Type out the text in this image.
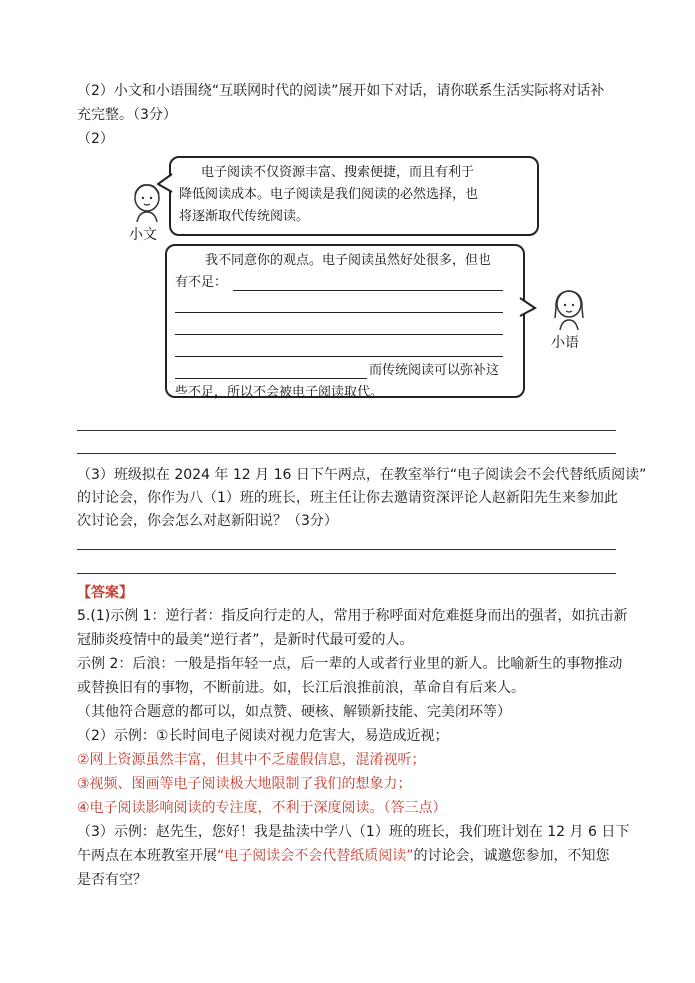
（2）小文和小语围绕“互联网时代的阅读”展开如下对话，请你联系生活实际将对话补
充完整。（3分）
（2）
小文
小语
电子阅读不仅资源丰富、搜索便捷，而且有利于
降低阅读成本。电子阅读是我们阅读的必然选择，也
将逐渐取代传统阅读。
我不同意你的观点。电子阅读虽然好处很多，但也
有不足：
而传统阅读可以弥补这
些不足，所以不会被电子阅读取代。
（3）班级拟在 2024 年 12 月 16 日下午两点，在教室举行“电子阅读会不会代替纸质阅读”
的讨论会，你作为八（1）班的班长，班主任让你去邀请资深评论人赵新阳先生来参加此
次讨论会，你会怎么对赵新阳说？（3分）
【答案】
5.(1)示例 1：逆行者：指反向行走的人，常用于称呼面对危难挺身而出的强者，如抗击新
冠肺炎疫情中的最美“逆行者”，是新时代最可爱的人。
示例 2：后浪：一般是指年轻一点，后一辈的人或者行业里的新人。比喻新生的事物推动
或替换旧有的事物，不断前进。如，长江后浪推前浪，革命自有后来人。
（其他符合题意的都可以，如点赞、硬核、解锁新技能、完美闭环等）
（2）示例：①长时间电子阅读对视力危害大，易造成近视；
②网上资源虽然丰富，但其中不乏虚假信息，混淆视听；
③视频、图画等电子阅读极大地限制了我们的想象力；
④电子阅读影响阅读的专注度，不利于深度阅读。（答三点）
（3）示例：赵先生，您好！我是盐渎中学八（1）班的班长，我们班计划在 12 月 6 日下
午两点在本班教室开展“电子阅读会不会代替纸质阅读”的讨论会，诚邀您参加，不知您
是否有空？
